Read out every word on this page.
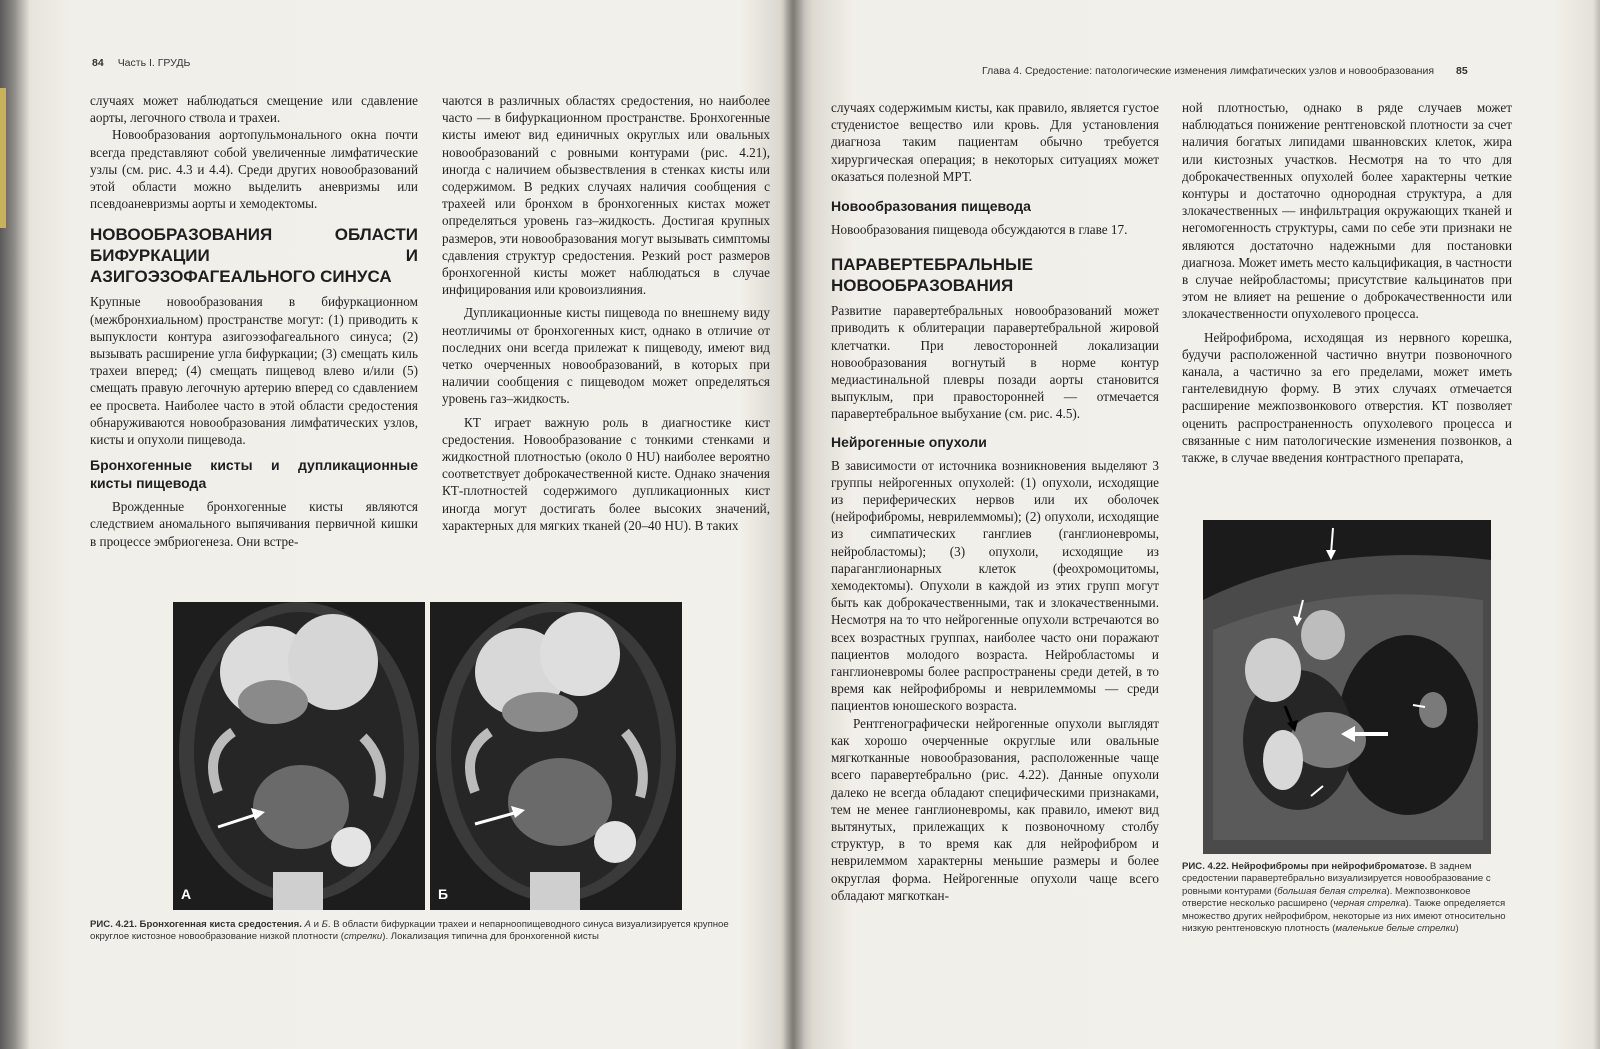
84 Часть I. ГРУДЬ

случаях может наблюдаться смещение или сдавление аорты, легочного ствола и трахеи.

Новообразования аортопульмонального окна почти всегда представляют собой увеличенные лимфатические узлы (см. рис. 4.3 и 4.4). Среди других новообразований этой области можно выделить аневризмы или псевдоаневризмы аорты и хемодектомы.

НОВООБРАЗОВАНИЯ ОБЛАСТИ БИФУРКАЦИИ И АЗИГОЭЗОФАГЕАЛЬНОГО СИНУСА

Крупные новообразования в бифуркационном (межбронхиальном) пространстве могут: (1) приводить к выпуклости контура азигоэзофагеального синуса; (2) вызывать расширение угла бифуркации; (3) смещать киль трахеи вперед; (4) смещать пищевод влево и/или (5) смещать правую легочную артерию вперед со сдавлением ее просвета. Наиболее часто в этой области средостения обнаруживаются новообразования лимфатических узлов, кисты и опухоли пищевода.

Бронхогенные кисты и дупликационные кисты пищевода

Врожденные бронхогенные кисты являются следствием аномального выпячивания первичной кишки в процессе эмбриогенеза. Они встре-

чаются в различных областях средостения, но наиболее часто — в бифуркационном пространстве. Бронхогенные кисты имеют вид единичных округлых или овальных новообразований с ровными контурами (рис. 4.21), иногда с наличием обызвествления в стенках кисты или содержимом. В редких случаях наличия сообщения с трахеей или бронхом в бронхогенных кистах может определяться уровень газ–жидкость. Достигая крупных размеров, эти новообразования могут вызывать симптомы сдавления структур средостения. Резкий рост размеров бронхогенной кисты может наблюдаться в случае инфицирования или кровоизлияния.

Дупликационные кисты пищевода по внешнему виду неотличимы от бронхогенных кист, однако в отличие от последних они всегда прилежат к пищеводу, имеют вид четко очерченных новообразований, в которых при наличии сообщения с пищеводом может определяться уровень газ–жидкость.

КТ играет важную роль в диагностике кист средостения. Новообразование с тонкими стенками и жидкостной плотностью (около 0 HU) наиболее вероятно соответствует доброкачественной кисте. Однако значения КТ-плотностей содержимого дупликационных кист иногда могут достигать более высоких значений, характерных для мягких тканей (20–40 HU). В таких

А	Б
РИС. 4.21. Бронхогенная киста средостения. А и Б. В области бифуркации трахеи и непарноопищеводного синуса визуализируется крупное округлое кистозное новообразование низкой плотности (стрелки). Локализация типична для бронхогенной кисты
Глава 4. Средостение: патологические изменения лимфатических узлов и новообразования 85

случаях содержимым кисты, как правило, является густое студенистое вещество или кровь. Для установления диагноза таким пациентам обычно требуется хирургическая операция; в некоторых ситуациях может оказаться полезной МРТ.

Новообразования пищевода

Новообразования пищевода обсуждаются в главе 17.

ПАРАВЕРТЕБРАЛЬНЫЕ НОВООБРАЗОВАНИЯ

Развитие паравертебральных новообразований может приводить к облитерации паравертебральной жировой клетчатки. При левосторонней локализации новообразования вогнутый в норме контур медиастинальной плевры позади аорты становится выпуклым, при правосторонней — отмечается паравертебральное выбухание (см. рис. 4.5).

Нейрогенные опухоли

В зависимости от источника возникновения выделяют 3 группы нейрогенных опухолей: (1) опухоли, исходящие из периферических нервов или их оболочек (нейрофибромы, неврилеммомы); (2) опухоли, исходящие из симпатических ганглиев (ганглионевромы, нейробластомы); (3) опухоли, исходящие из параганглионарных клеток (феохромоцитомы, хемодектомы). Опухоли в каждой из этих групп могут быть как доброкачественными, так и злокачественными. Несмотря на то что нейрогенные опухоли встречаются во всех возрастных группах, наиболее часто они поражают пациентов молодого возраста. Нейробластомы и ганглионевромы более распространены среди детей, в то время как нейрофибромы и неврилеммомы — среди пациентов юношеского возраста.

Рентгенографически нейрогенные опухоли выглядят как хорошо очерченные округлые или овальные мягкотканные новообразования, расположенные чаще всего паравертебрально (рис. 4.22). Данные опухоли далеко не всегда обладают специфическими признаками, тем не менее ганглионевромы, как правило, имеют вид вытянутых, прилежащих к позвоночному столбу структур, в то время как для нейрофибром и неврилеммом характерны меньшие размеры и более округлая форма. Нейрогенные опухоли чаще всего обладают мягкоткан-

ной плотностью, однако в ряде случаев может наблюдаться понижение рентгеновской плотности за счет наличия богатых липидами шванновских клеток, жира или кистозных участков. Несмотря на то что для доброкачественных опухолей более характерны четкие контуры и достаточно однородная структура, а для злокачественных — инфильтрация окружающих тканей и негомогенность структуры, сами по себе эти признаки не являются достаточно надежными для постановки диагноза. Может иметь место кальцификация, в частности в случае нейробластомы; присутствие кальцинатов при этом не влияет на решение о доброкачественности или злокачественности опухолевого процесса.

Нейрофиброма, исходящая из нервного корешка, будучи расположенной частично внутри позвоночного канала, а частично за его пределами, может иметь гантелевидную форму. В этих случаях отмечается расширение межпозвонкового отверстия. КТ позволяет оценить распространенность опухолевого процесса и связанные с ним патологические изменения позвонков, а также, в случае введения контрастного препарата,

РИС. 4.22. Нейрофибромы при нейрофиброматозе. В заднем средостении паравертебрально визуализируется новообразование с ровными контурами (большая белая стрелка). Межпозвонковое отверстие несколько расширено (черная стрелка). Также определяется множество других нейрофибром, некоторые из них имеют относительно низкую рентгеновскую плотность (маленькие белые стрелки)
